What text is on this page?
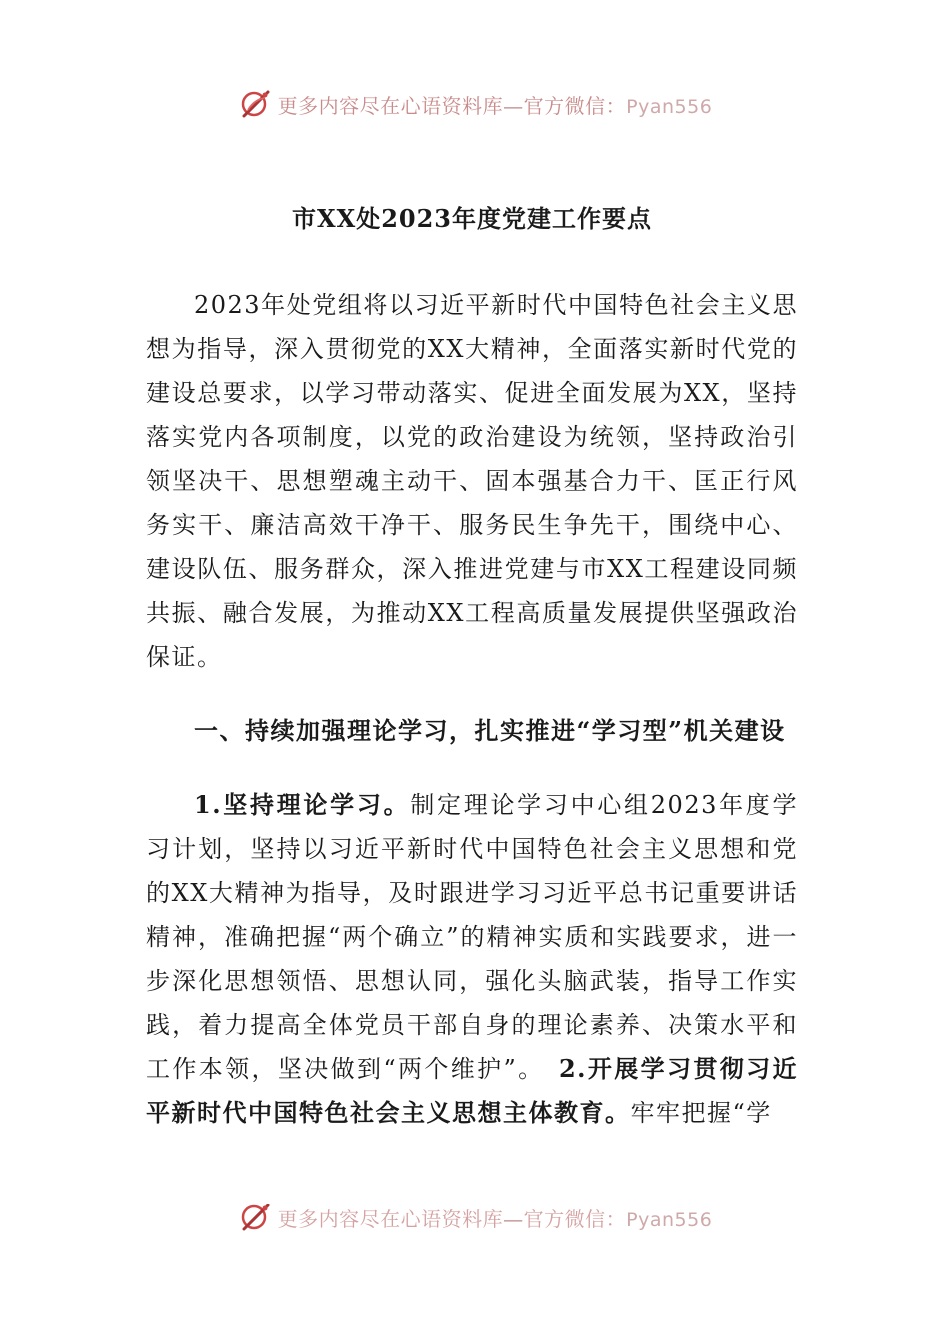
更多内容尽在心语资料库—官方微信：Pyan556
市XX处2023年度党建工作要点

2023年处党组将以习近平新时代中国特色社会主义思想为指导，深入贯彻党的XX大精神，全面落实新时代党的建设总要求，以学习带动落实、促进全面发展为XX，坚持落实党内各项制度，以党的政治建设为统领，坚持政治引领坚决干、思想塑魂主动干、固本强基合力干、匡正行风务实干、廉洁高效干净干、服务民生争先干，围绕中心、建设队伍、服务群众，深入推进党建与市XX工程建设同频共振、融合发展，为推动XX工程高质量发展提供坚强政治保证。

一、持续加强理论学习，扎实推进“学习型”机关建设

1.坚持理论学习。制定理论学习中心组2023年度学习计划，坚持以习近平新时代中国特色社会主义思想和党的XX大精神为指导，及时跟进学习习近平总书记重要讲话精神，准确把握“两个确立”的精神实质和实践要求，进一步深化思想领悟、思想认同，强化头脑武装，指导工作实践，着力提高全体党员干部自身的理论素养、决策水平和工作本领，坚决做到“两个维护”。　 2.开展学习贯彻习近平新时代中国特色社会主义思想主体教育。牢牢把握“学

更多内容尽在心语资料库—官方微信：Pyan556
